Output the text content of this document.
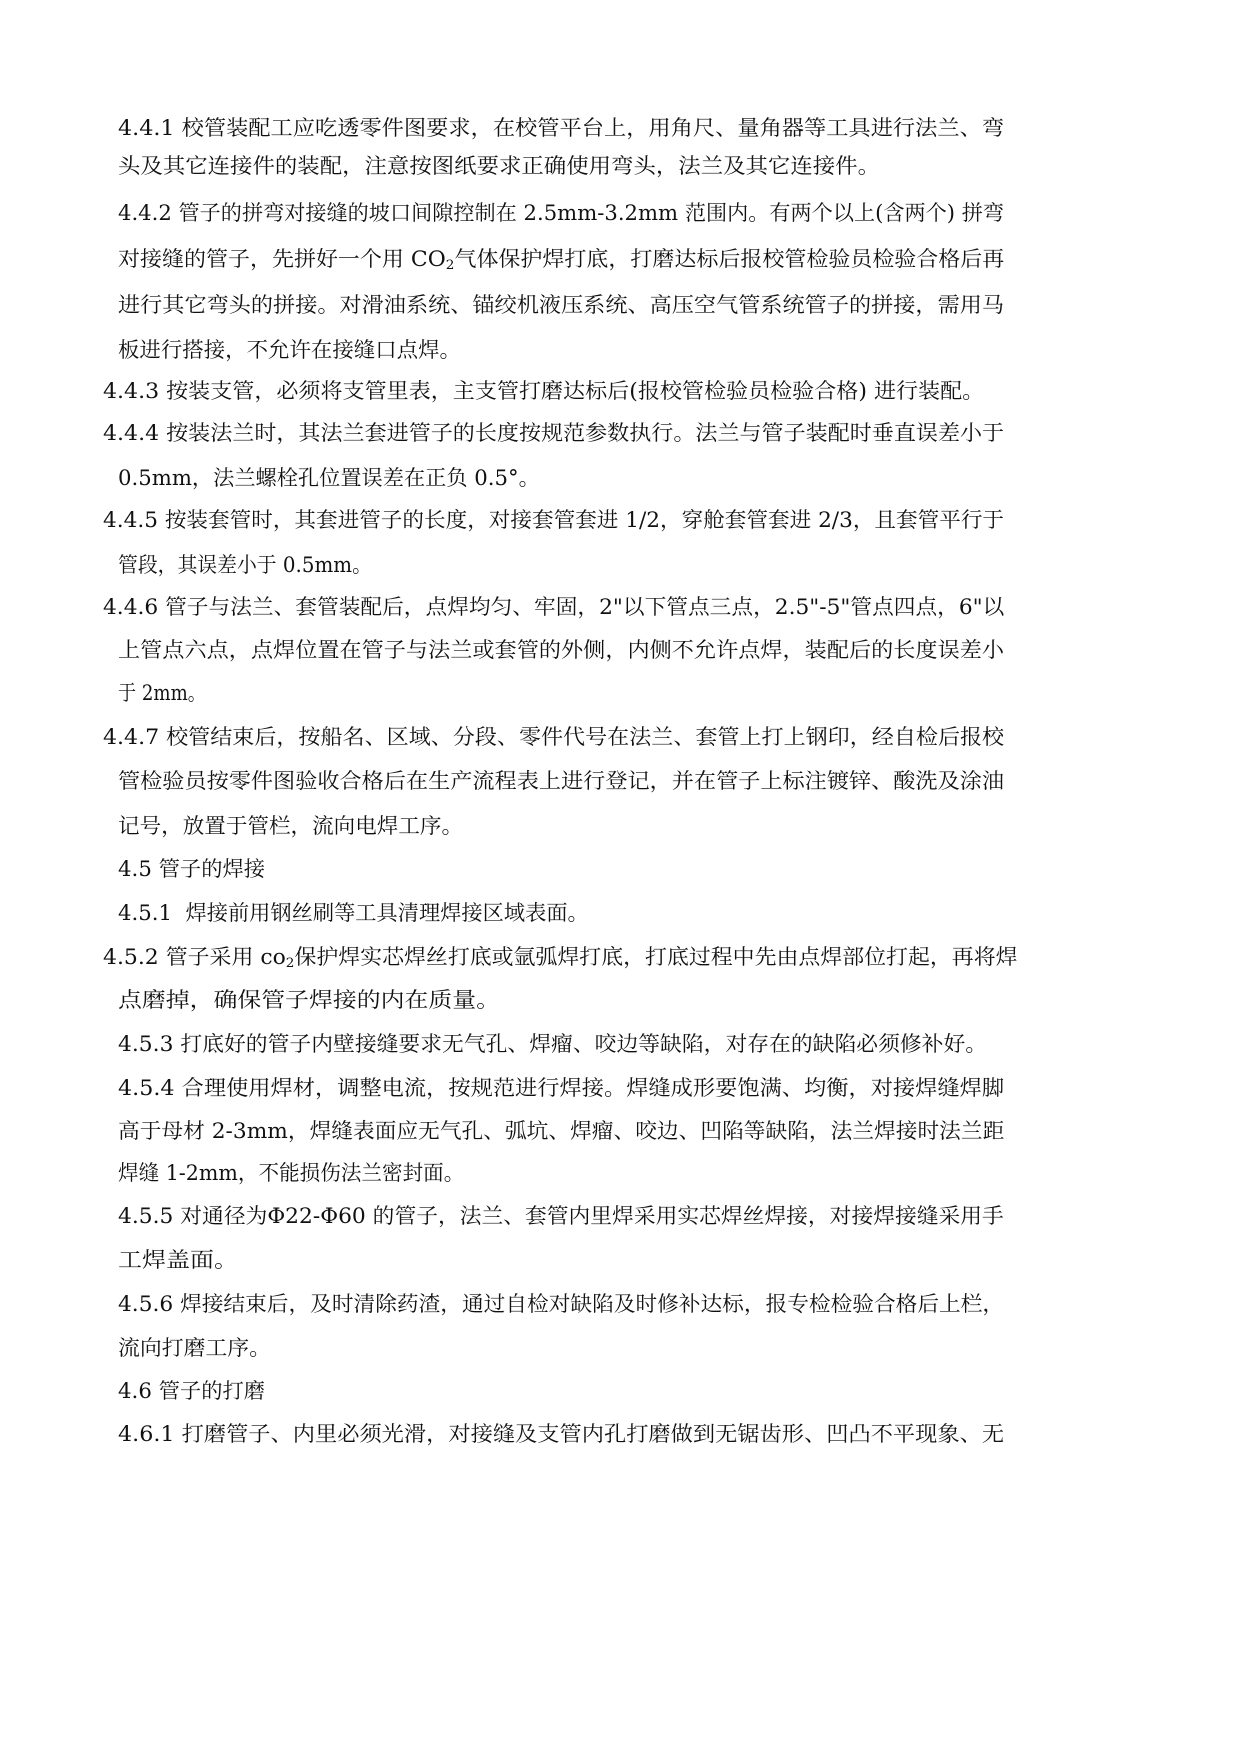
4.4.1 校管装配工应吃透零件图要求，在校管平台上，用角尺、量角器等工具进行法兰、弯
头及其它连接件的装配，注意按图纸要求正确使用弯头，法兰及其它连接件。
4.4.2 管子的拼弯对接缝的坡口间隙控制在 2.5mm-3.2mm 范围内。有两个以上(含两个) 拼弯
对接缝的管子，先拼好一个用 $CO_2$气体保护焊打底，打磨达标后报校管检验员检验合格后再
进行其它弯头的拼接。对滑油系统、锚绞机液压系统、高压空气管系统管子的拼接，需用马
板进行搭接，不允许在接缝口点焊。
4.4.3 按装支管，必须将支管里表，主支管打磨达标后(报校管检验员检验合格) 进行装配。
4.4.4 按装法兰时，其法兰套进管子的长度按规范参数执行。法兰与管子装配时垂直误差小于
0.5mm，法兰螺栓孔位置误差在正负 0.5°。
4.4.5 按装套管时，其套进管子的长度，对接套管套进 1/2，穿舱套管套进 2/3，且套管平行于
管段，其误差小于 0.5mm。
4.4.6 管子与法兰、套管装配后，点焊均匀、牢固，2"以下管点三点，2.5"-5"管点四点，6"以
上管点六点，点焊位置在管子与法兰或套管的外侧，内侧不允许点焊，装配后的长度误差小
于 2mm。
4.4.7 校管结束后，按船名、区域、分段、零件代号在法兰、套管上打上钢印，经自检后报校
管检验员按零件图验收合格后在生产流程表上进行登记，并在管子上标注镀锌、酸洗及涂油
记号，放置于管栏，流向电焊工序。
4.5 管子的焊接
4.5.1  焊接前用钢丝刷等工具清理焊接区域表面。
4.5.2 管子采用 $co_2$保护焊实芯焊丝打底或氩弧焊打底，打底过程中先由点焊部位打起，再将焊
点磨掉，确保管子焊接的内在质量。
4.5.3 打底好的管子内壁接缝要求无气孔、焊瘤、咬边等缺陷，对存在的缺陷必须修补好。
4.5.4 合理使用焊材，调整电流，按规范进行焊接。焊缝成形要饱满、均衡，对接焊缝焊脚
高于母材 2-3mm，焊缝表面应无气孔、弧坑、焊瘤、咬边、凹陷等缺陷，法兰焊接时法兰距
焊缝 1-2mm，不能损伤法兰密封面。
4.5.5 对通径为Φ22-Φ60 的管子，法兰、套管内里焊采用实芯焊丝焊接，对接焊接缝采用手
工焊盖面。
4.5.6 焊接结束后，及时清除药渣，通过自检对缺陷及时修补达标，报专检检验合格后上栏，
流向打磨工序。
4.6 管子的打磨
4.6.1 打磨管子、内里必须光滑，对接缝及支管内孔打磨做到无锯齿形、凹凸不平现象、无
